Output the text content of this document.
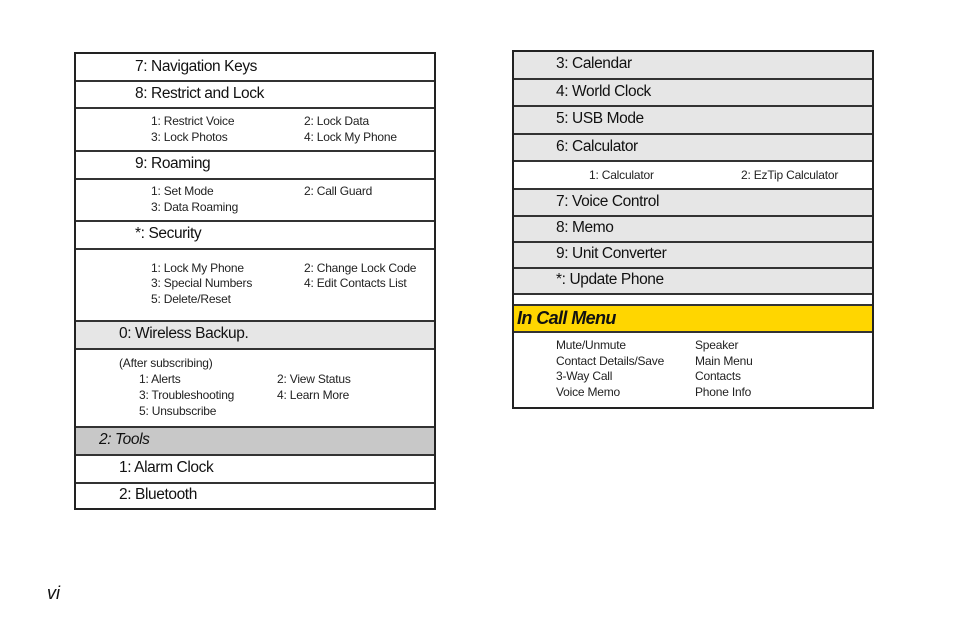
7: Navigation Keys
8: Restrict and Lock
1: Restrict Voice	2: Lock Data
3: Lock Photos	4: Lock My Phone
9: Roaming
1: Set Mode	2: Call Guard
3: Data Roaming
*: Security
1: Lock My Phone	2: Change Lock Code
3: Special Numbers	4: Edit Contacts List
5: Delete/Reset
0: Wireless Backup.
(After subscribing)
1: Alerts	2: View Status
3: Troubleshooting	4: Learn More
5: Unsubscribe
2: Tools
1: Alarm Clock
2: Bluetooth
3: Calendar
4: World Clock
5: USB Mode
6: Calculator
1: Calculator	2: EzTip Calculator
7: Voice Control
8: Memo
9: Unit Converter
*: Update Phone
In Call Menu
Mute/Unmute	Speaker
Contact Details/Save	Main Menu
3-Way Call	Contacts
Voice Memo	Phone Info
vi
